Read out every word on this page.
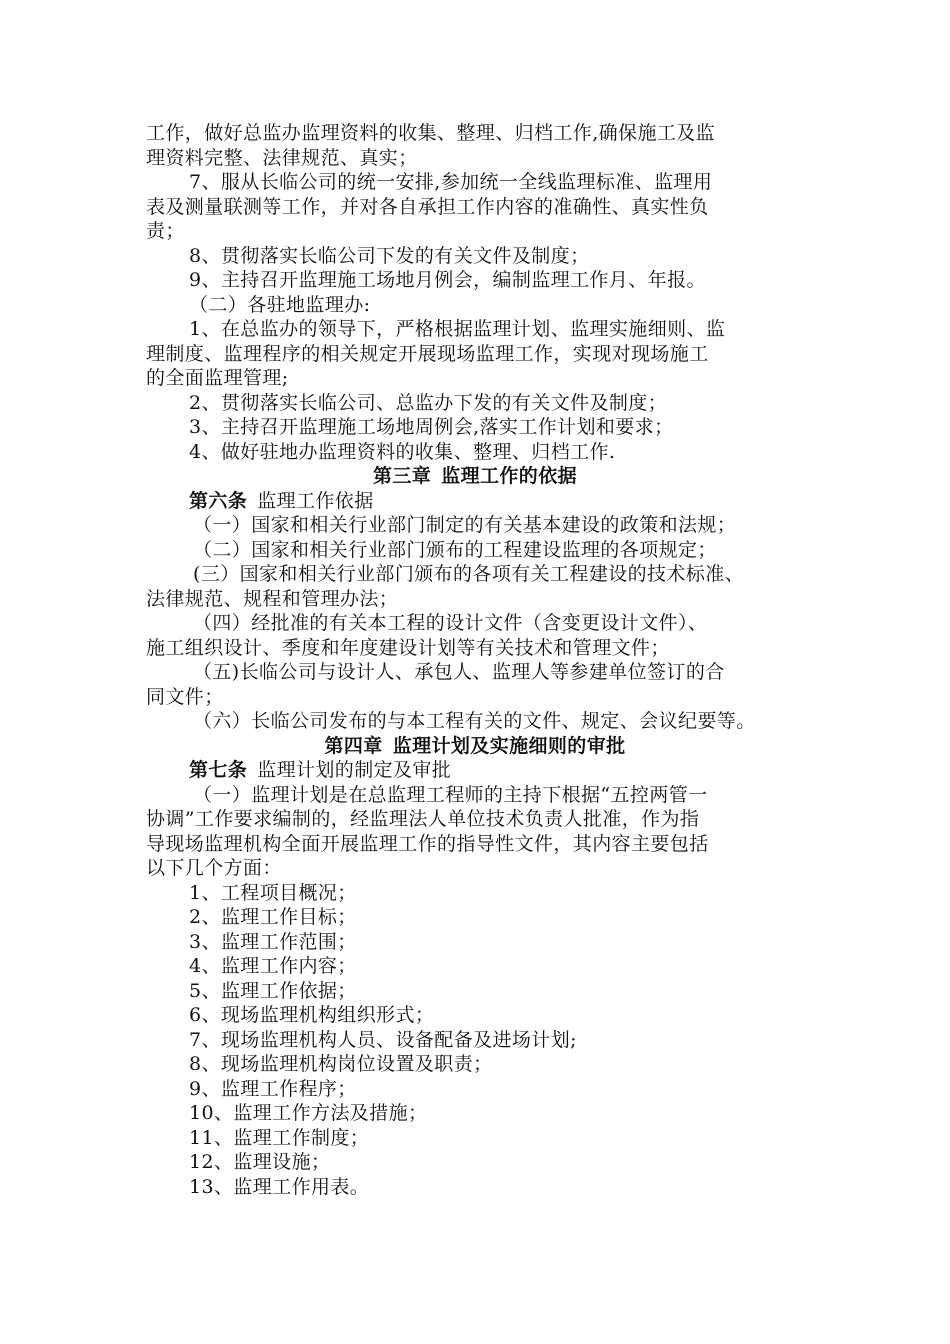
工作，做好总监办监理资料的收集、整理、归档工作,确保施工及监
理资料完整、法律规范、真实；
7、服从长临公司的统一安排,参加统一全线监理标准、监理用
表及测量联测等工作，并对各自承担工作内容的准确性、真实性负
责；
8、贯彻落实长临公司下发的有关文件及制度；
9、主持召开监理施工场地月例会，编制监理工作月、年报。
（二）各驻地监理办:
1、在总监办的领导下，严格根据监理计划、监理实施细则、监
理制度、监理程序的相关规定开展现场监理工作，实现对现场施工
的全面监理管理;
2、贯彻落实长临公司、总监办下发的有关文件及制度；
3、主持召开监理施工场地周例会,落实工作计划和要求；
4、做好驻地办监理资料的收集、整理、归档工作.
第三章 监理工作的依据
第六条 监理工作依据
（一）国家和相关行业部门制定的有关基本建设的政策和法规；
（二）国家和相关行业部门颁布的工程建设监理的各项规定；
(三）国家和相关行业部门颁布的各项有关工程建设的技术标准、
法律规范、规程和管理办法；
（四）经批准的有关本工程的设计文件（含变更设计文件）、
施工组织设计、季度和年度建设计划等有关技术和管理文件；
（五)长临公司与设计人、承包人、监理人等参建单位签订的合
同文件；
（六）长临公司发布的与本工程有关的文件、规定、会议纪要等。
第四章 监理计划及实施细则的审批
第七条 监理计划的制定及审批
（一）监理计划是在总监理工程师的主持下根据“五控两管一
协调”工作要求编制的，经监理法人单位技术负责人批准，作为指
导现场监理机构全面开展监理工作的指导性文件，其内容主要包括
以下几个方面：
1、工程项目概况；
2、监理工作目标；
3、监理工作范围；
4、监理工作内容；
5、监理工作依据；
6、现场监理机构组织形式；
7、现场监理机构人员、设备配备及进场计划;
8、现场监理机构岗位设置及职责；
9、监理工作程序；
10、监理工作方法及措施；
11、监理工作制度；
12、监理设施；
13、监理工作用表。
